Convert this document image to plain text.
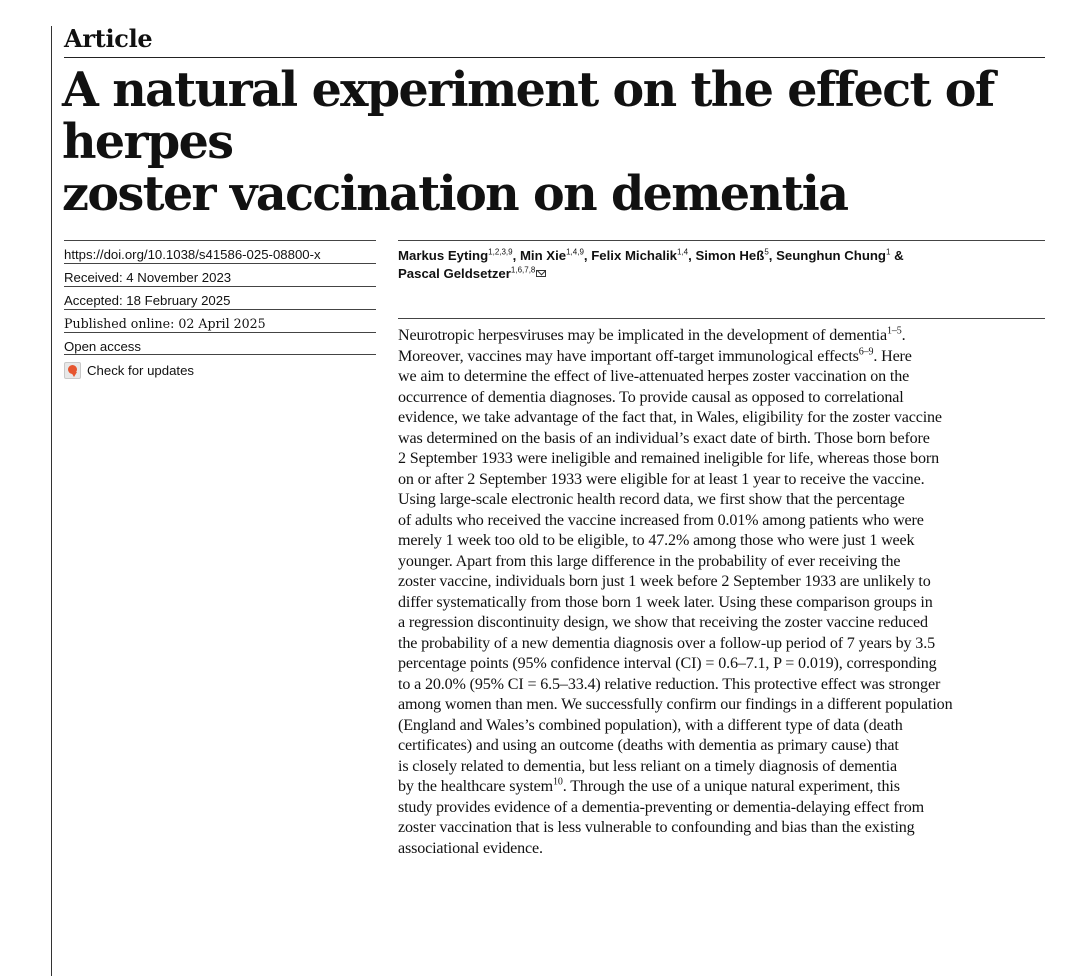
Article
A natural experiment on the effect of herpes
zoster vaccination on dementia
https://doi.org/10.1038/s41586-025-08800-x
Received: 4 November 2023
Accepted: 18 February 2025
Published online: 02 April 2025
Open access
Check for updates
Markus Eyting$^{1,2,3,9}$, Min Xie$^{1,4,9}$, Felix Michalik$^{1,4}$, Simon Heß$^5$, Seunghun Chung$^1$ &
Pascal Geldsetzer$^{1,6,7,8}$
Neurotropic herpesviruses may be implicated in the development of dementia$^{1-5}$.
Moreover, vaccines may have important off-target immunological effects$^{6-9}$. Here
we aim to determine the effect of live-attenuated herpes zoster vaccination on the
occurrence of dementia diagnoses. To provide causal as opposed to correlational
evidence, we take advantage of the fact that, in Wales, eligibility for the zoster vaccine
was determined on the basis of an individual’s exact date of birth. Those born before
2 September 1933 were ineligible and remained ineligible for life, whereas those born
on or after 2 September 1933 were eligible for at least 1 year to receive the vaccine.
Using large-scale electronic health record data, we first show that the percentage
of adults who received the vaccine increased from 0.01% among patients who were
merely 1 week too old to be eligible, to 47.2% among those who were just 1 week
younger. Apart from this large difference in the probability of ever receiving the
zoster vaccine, individuals born just 1 week before 2 September 1933 are unlikely to
differ systematically from those born 1 week later. Using these comparison groups in
a regression discontinuity design, we show that receiving the zoster vaccine reduced
the probability of a new dementia diagnosis over a follow-up period of 7 years by 3.5
percentage points (95% confidence interval (CI) = 0.6–7.1, P = 0.019), corresponding
to a 20.0% (95% CI = 6.5–33.4) relative reduction. This protective effect was stronger
among women than men. We successfully confirm our findings in a different population
(England and Wales’s combined population), with a different type of data (death
certificates) and using an outcome (deaths with dementia as primary cause) that
is closely related to dementia, but less reliant on a timely diagnosis of dementia
by the healthcare system$^{10}$. Through the use of a unique natural experiment, this
study provides evidence of a dementia-preventing or dementia-delaying effect from
zoster vaccination that is less vulnerable to confounding and bias than the existing
associational evidence.
